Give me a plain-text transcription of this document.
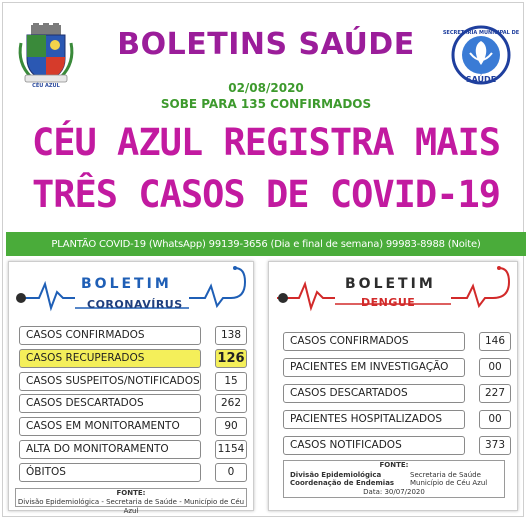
CÉU AZUL
BOLETINS SAÚDE
02/08/2020
SOBE PARA 135 CONFIRMADOS
SECRETARIA MUNICIPAL DE
SAÚDE
CÉU AZUL REGISTRA MAIS
TRÊS CASOS DE COVID-19
PLANTÃO COVID-19 (WhatsApp) 99139-3656 (Dia e final de semana) 99983-8988 (Noite)
BOLETIM
CORONAVÍRUS
CASOS CONFIRMADOS	138
CASOS RECUPERADOS	126
CASOS SUSPEITOS/NOTIFICADOS	15
CASOS DESCARTADOS	262
CASOS EM MONITORAMENTO	90
ALTA DO MONITORAMENTO	1154
ÓBITOS	0
FONTE:
Divisão Epidemiológica - Secretaria de Saúde - Município de Céu Azul
BOLETIM
DENGUE
CASOS CONFIRMADOS	146
PACIENTES EM INVESTIGAÇÃO	00
CASOS DESCARTADOS	227
PACIENTES HOSPITALIZADOS	00
CASOS NOTIFICADOS	373
FONTE:
Divisão Epidemiológica
Coordenação de Endemias
Secretaria de Saúde
Município de Céu Azul
Data: 30/07/2020
